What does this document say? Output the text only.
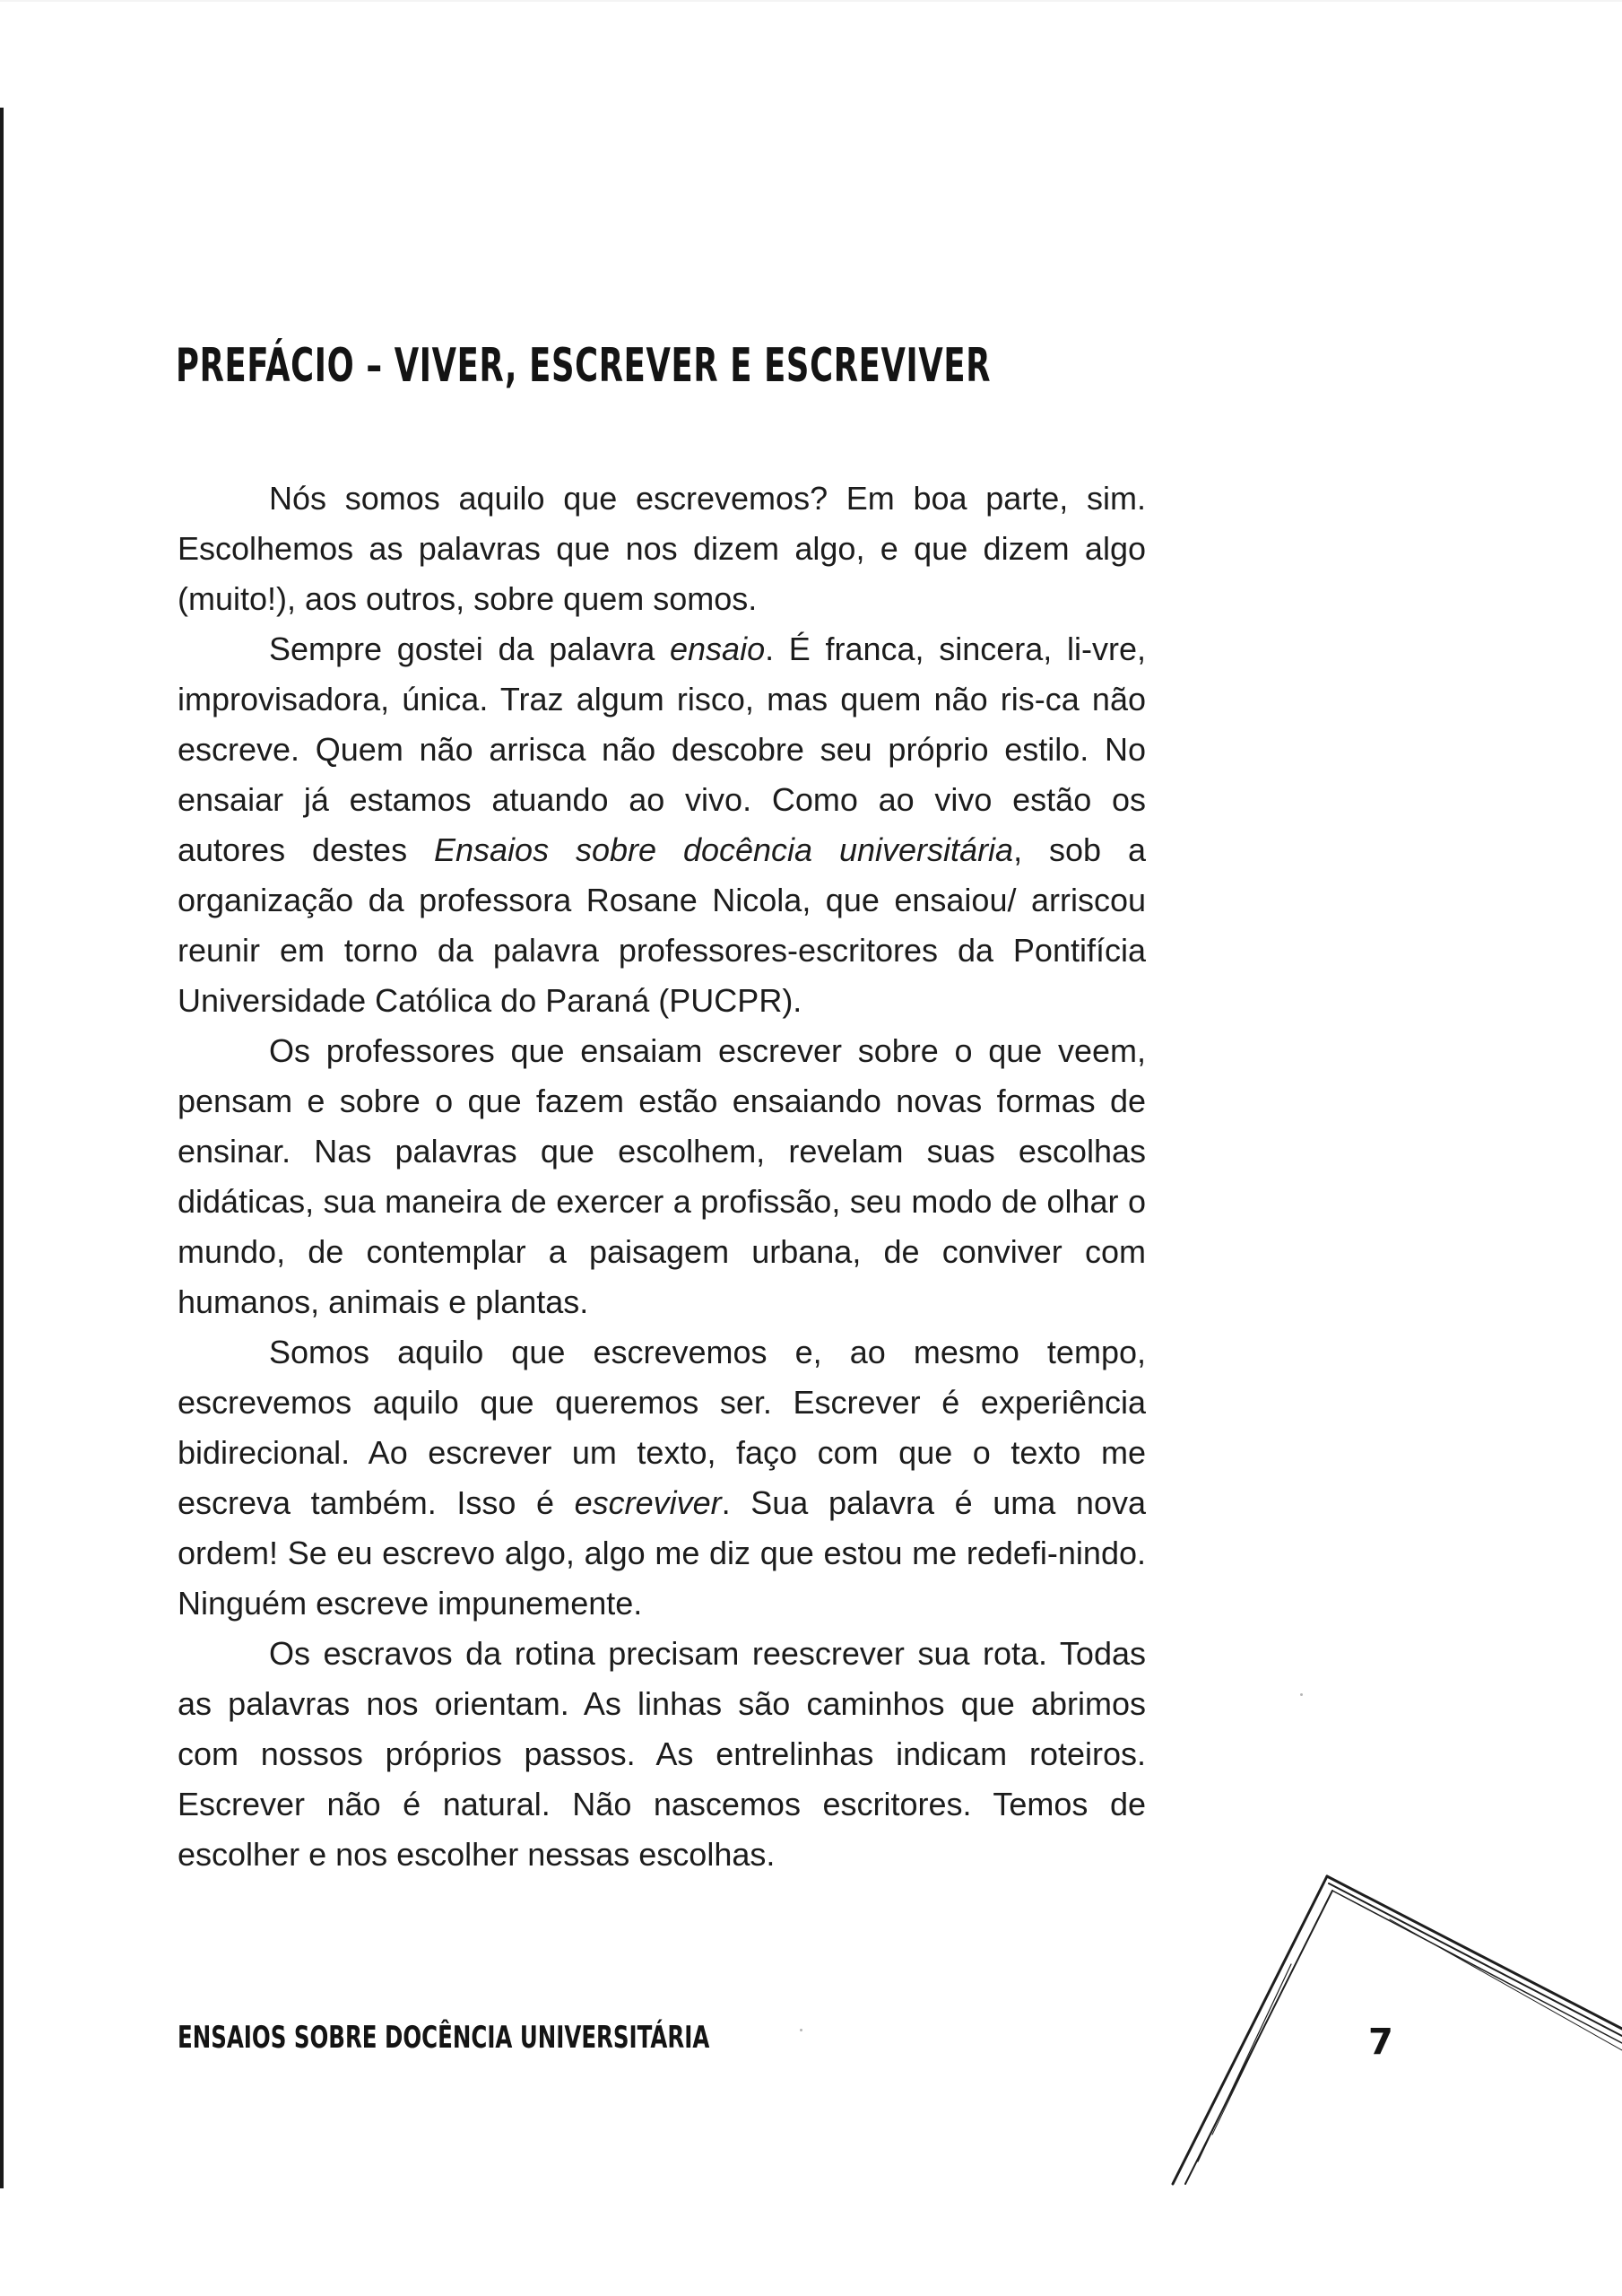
PREFÁCIO – VIVER, ESCREVER E ESCREVIVER

Nós somos aquilo que escrevemos? Em boa parte, sim. Escolhemos as palavras que nos dizem algo, e que dizem algo (muito!), aos outros, sobre quem somos.

Sempre gostei da palavra ensaio. É franca, sincera, li-vre, improvisadora, única. Traz algum risco, mas quem não ris-ca não escreve. Quem não arrisca não descobre seu próprio estilo. No ensaiar já estamos atuando ao vivo. Como ao vivo estão os autores destes Ensaios sobre docência universitária, sob a organização da professora Rosane Nicola, que ensaiou/ arriscou reunir em torno da palavra professores-escritores da Pontifícia Universidade Católica do Paraná (PUCPR).

Os professores que ensaiam escrever sobre o que veem, pensam e sobre o que fazem estão ensaiando novas formas de ensinar. Nas palavras que escolhem, revelam suas escolhas didáticas, sua maneira de exercer a profissão, seu modo de olhar o mundo, de contemplar a paisagem urbana, de conviver com humanos, animais e plantas.

Somos aquilo que escrevemos e, ao mesmo tempo, escrevemos aquilo que queremos ser. Escrever é experiência bidirecional. Ao escrever um texto, faço com que o texto me escreva também. Isso é escreviver. Sua palavra é uma nova ordem! Se eu escrevo algo, algo me diz que estou me redefi-nindo. Ninguém escreve impunemente.

Os escravos da rotina precisam reescrever sua rota. Todas as palavras nos orientam. As linhas são caminhos que abrimos com nossos próprios passos. As entrelinhas indicam roteiros. Escrever não é natural. Não nascemos escritores. Temos de escolher e nos escolher nessas escolhas.

ENSAIOS SOBRE DOCÊNCIA UNIVERSITÁRIA	7
